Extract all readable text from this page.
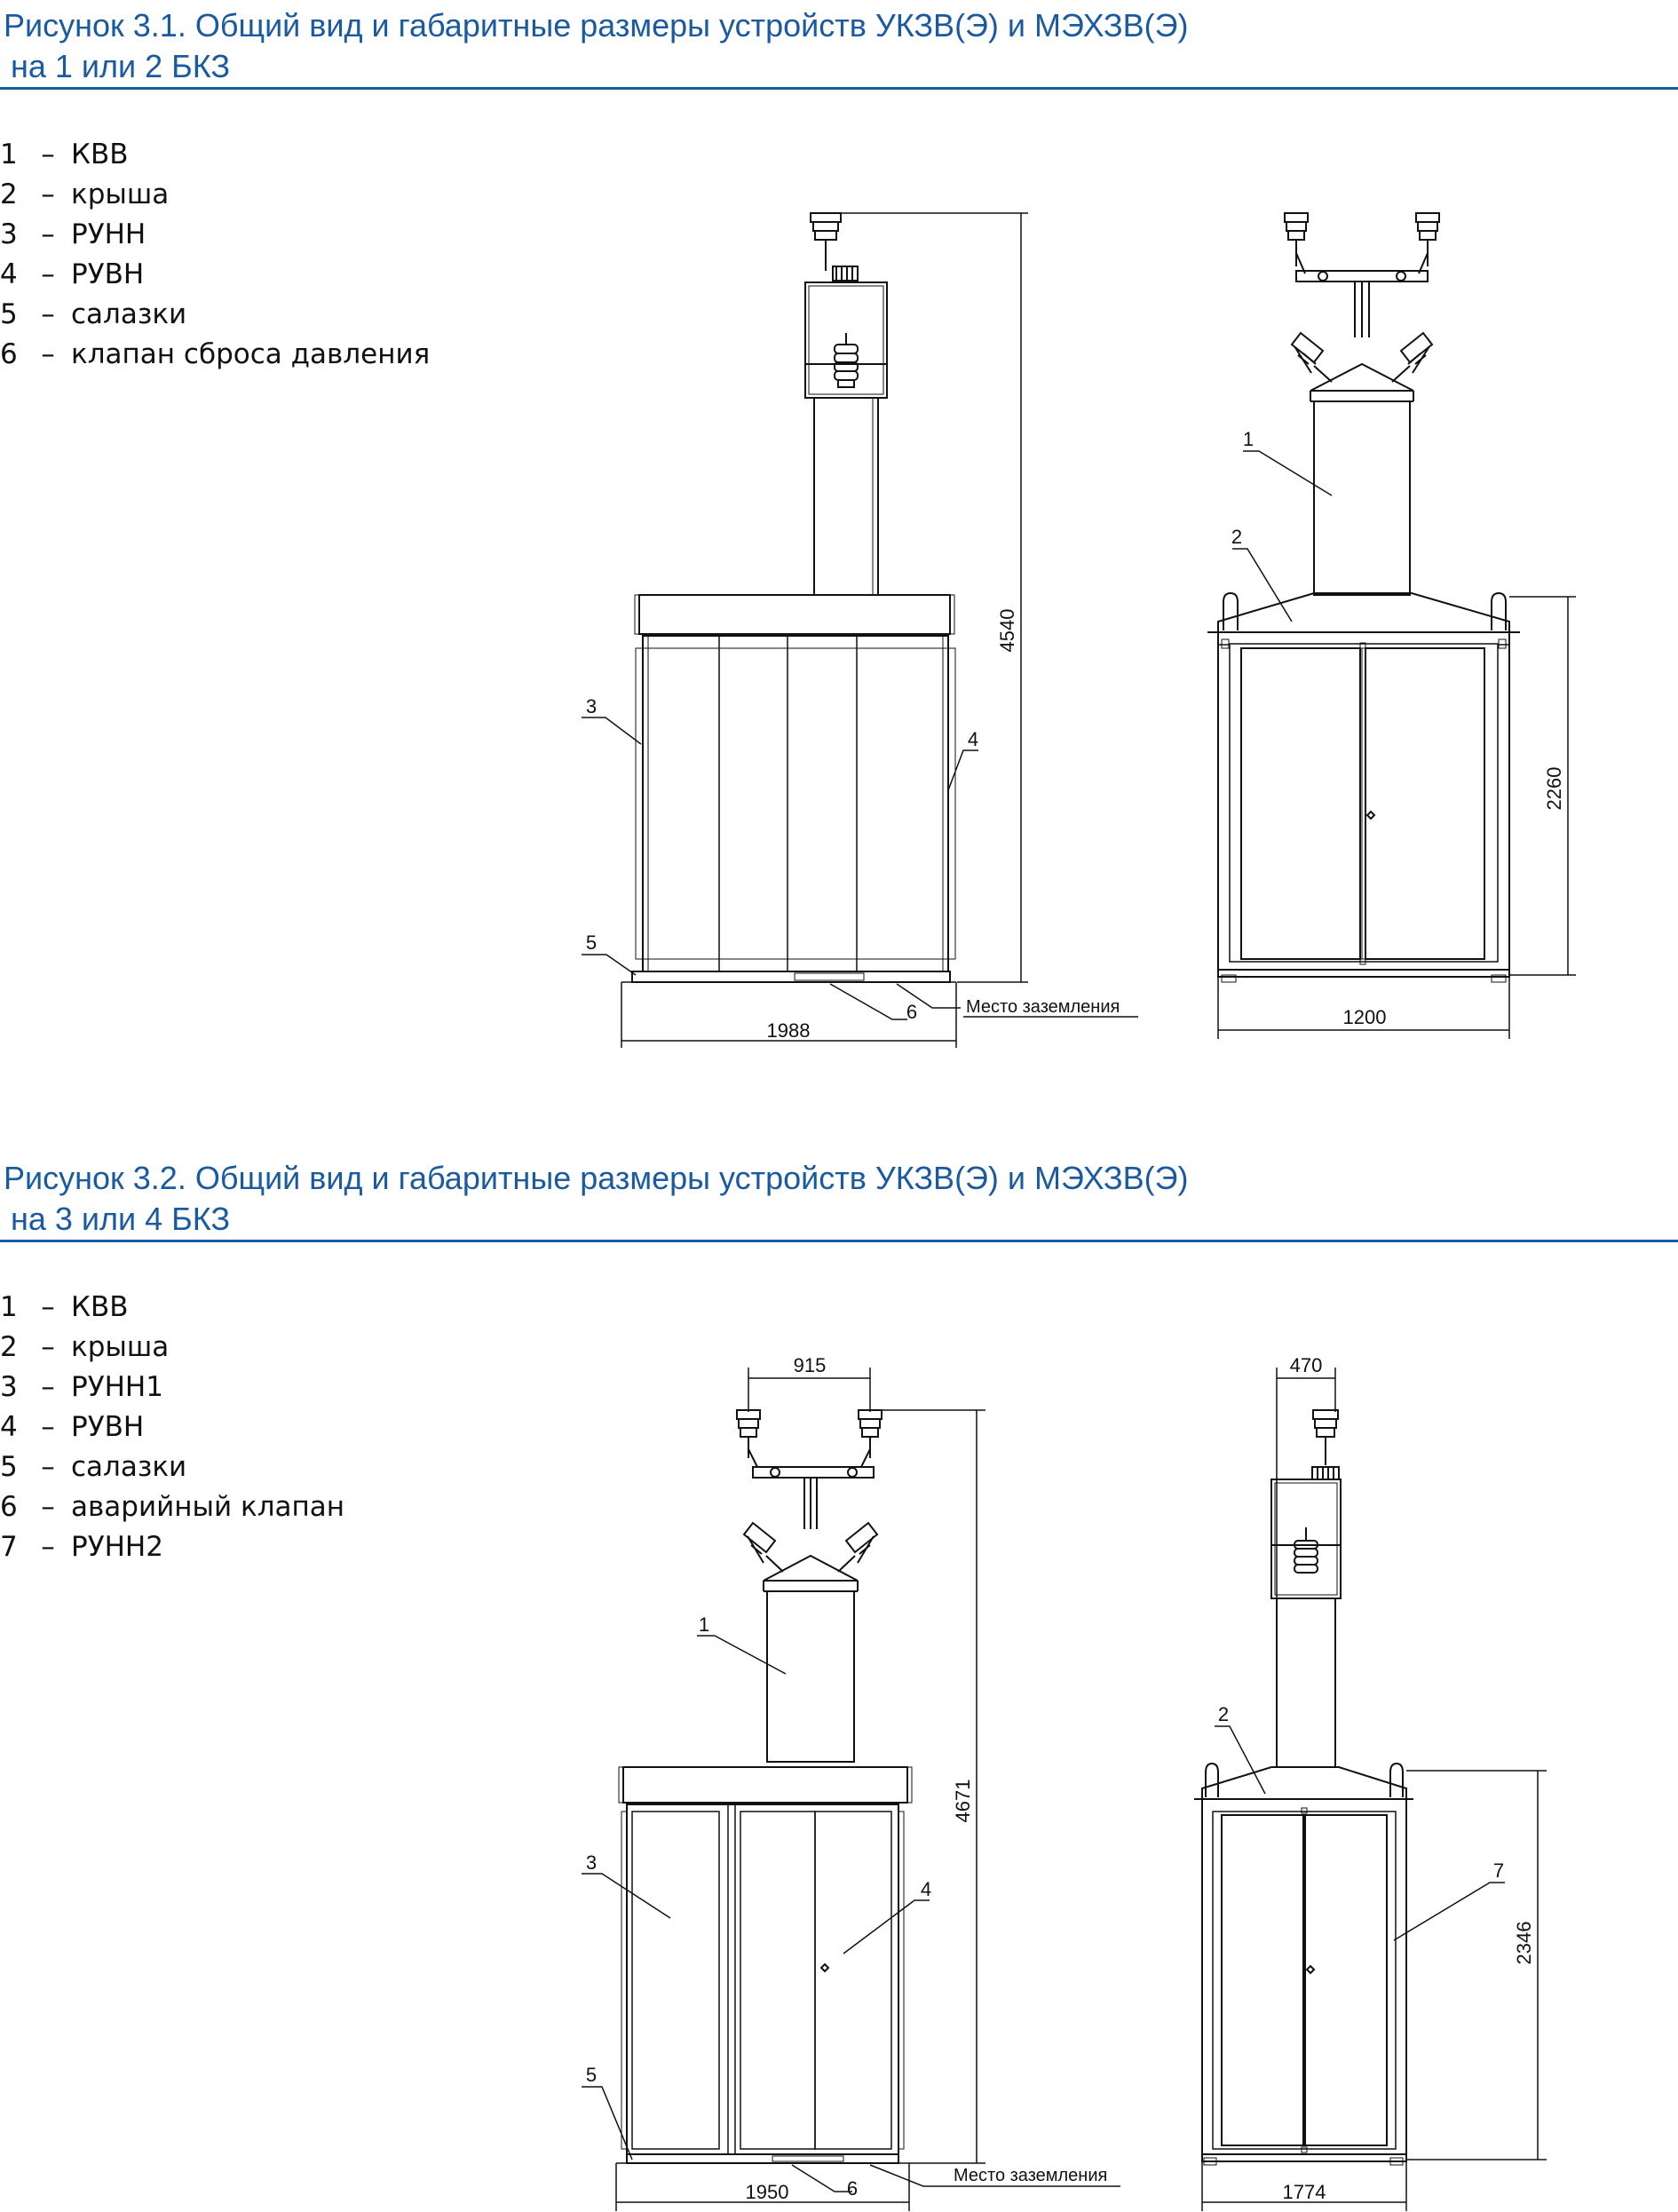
Рисунок 3.1. Общий вид и габаритные размеры устройств УКЗВ(Э) и МЭХЗВ(Э)
на 1 или 2 БКЗ
1 – КВВ
2 – крыша
3 – РУНН
4 – РУВН
5 – салазки
6 – клапан сброса давления
Рисунок 3.2. Общий вид и габаритные размеры устройств УКЗВ(Э) и МЭХЗВ(Э)
на 3 или 4 БКЗ
1 – КВВ
2 – крыша
3 – РУНН1
4 – РУВН
5 – салазки
6 – аварийный клапан
7 – РУНН2
4540
1988
3
4
5
6	Место заземления
2260
1200
1
2
915
4671
1950
1
3
4
5
6
Место заземления
470
2346
1774
2
7
